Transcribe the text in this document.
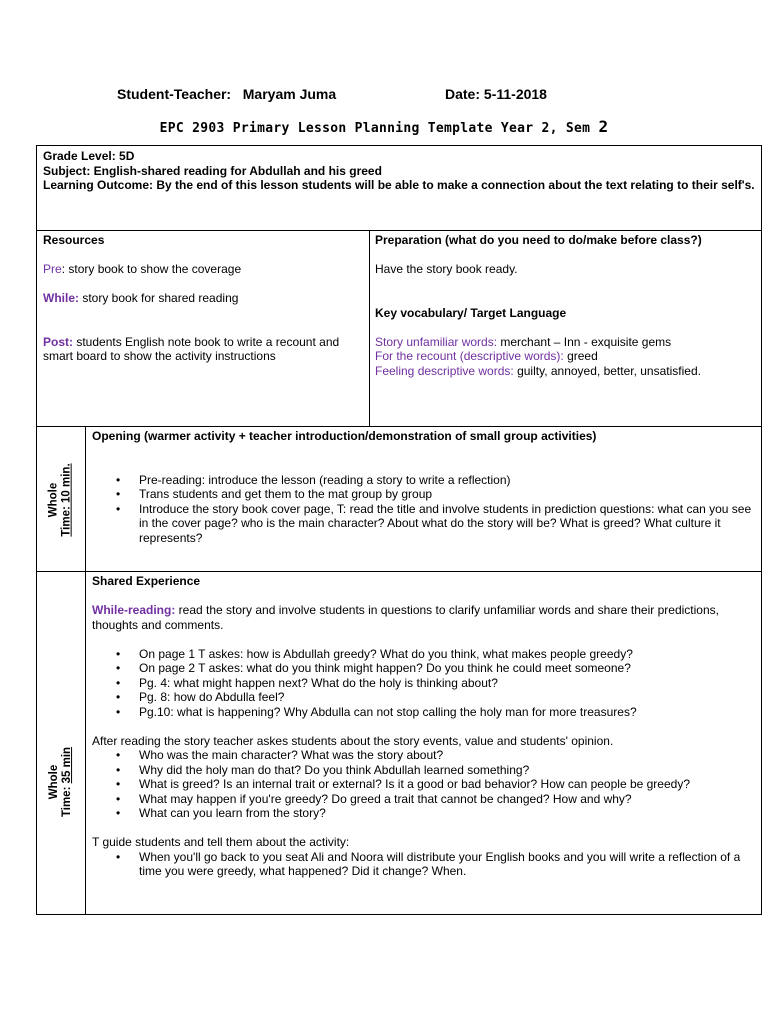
Student-Teacher: Maryam Juma	Date: 5-11-2018
EPC 2903 Primary Lesson Planning Template Year 2, Sem 2
Grade Level: 5D
Subject: English-shared reading for Abdullah and his greed
Learning Outcome: By the end of this lesson students will be able to make a connection about the text relating to their self's.
Resources

Pre: story book to show the coverage

While: story book for shared reading

Post: students English note book to write a recount and smart board to show the activity instructions

Preparation (what do you need to do/make before class?)

Have the story book ready.

Key vocabulary/ Target Language

Story unfamiliar words: merchant – Inn - exquisite gems

For the recount (descriptive words): greed

Feeling descriptive words: guilty, annoyed, better, unsatisfied.

Whole Time: 10 min.
Opening (warmer activity + teacher introduction/demonstration of small group activities)
• Pre-reading: introduce the lesson (reading a story to write a reflection)
• Trans students and get them to the mat group by group
• Introduce the story book cover page, T: read the title and involve students in prediction questions: what can you see in the cover page? who is the main character? About what do the story will be? What is greed? What culture it represents?
Whole
Time: 35 min
Shared Experience

While-reading: read the story and involve students in questions to clarify unfamiliar words and share their predictions, thoughts and comments.

• On page 1 T askes: how is Abdullah greedy? What do you think, what makes people greedy?
• On page 2 T askes: what do you think might happen? Do you think he could meet someone?
• Pg. 4: what might happen next? What do the holy is thinking about?
• Pg. 8: how do Abdulla feel?
• Pg.10: what is happening? Why Abdulla can not stop calling the holy man for more treasures?

After reading the story teacher askes students about the story events, value and students' opinion.

• Who was the main character? What was the story about?
• Why did the holy man do that? Do you think Abdullah learned something?
• What is greed? Is an internal trait or external? Is it a good or bad behavior? How can people be greedy?
• What may happen if you're greedy? Do greed a trait that cannot be changed? How and why?
• What can you learn from the story?

T guide students and tell them about the activity:

• When you'll go back to you seat Ali and Noora will distribute your English books and you will write a reflection of a time you were greedy, what happened? Did it change? When.
